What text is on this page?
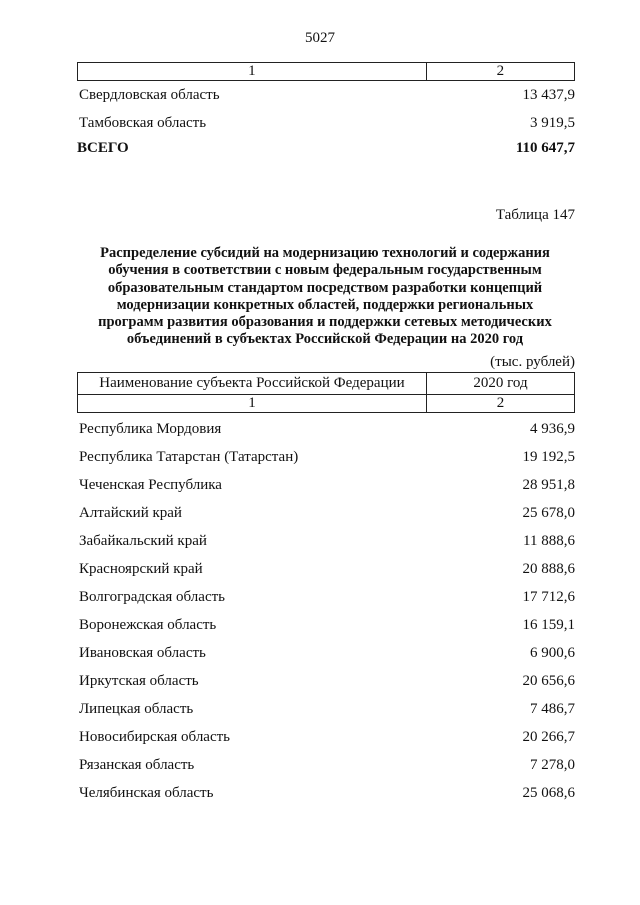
5027
1	2
Свердловская область	13 437,9
Тамбовская область	3 919,5
ВСЕГО	110 647,7
Таблица 147
Распределение субсидий на модернизацию технологий и содержания
обучения в соответствии с новым федеральным государственным
образовательным стандартом посредством разработки концепций
модернизации конкретных областей, поддержки региональных
программ развития образования и поддержки сетевых методических
объединений в субъектах Российской Федерации на 2020 год
(тыс. рублей)
Наименование субъекта Российской Федерации	2020 год
1	2
Республика Мордовия	4 936,9
Республика Татарстан (Татарстан)	19 192,5
Чеченская Республика	28 951,8
Алтайский край	25 678,0
Забайкальский край	11 888,6
Красноярский край	20 888,6
Волгоградская область	17 712,6
Воронежская область	16 159,1
Ивановская область	6 900,6
Иркутская область	20 656,6
Липецкая область	7 486,7
Новосибирская область	20 266,7
Рязанская область	7 278,0
Челябинская область	25 068,6
